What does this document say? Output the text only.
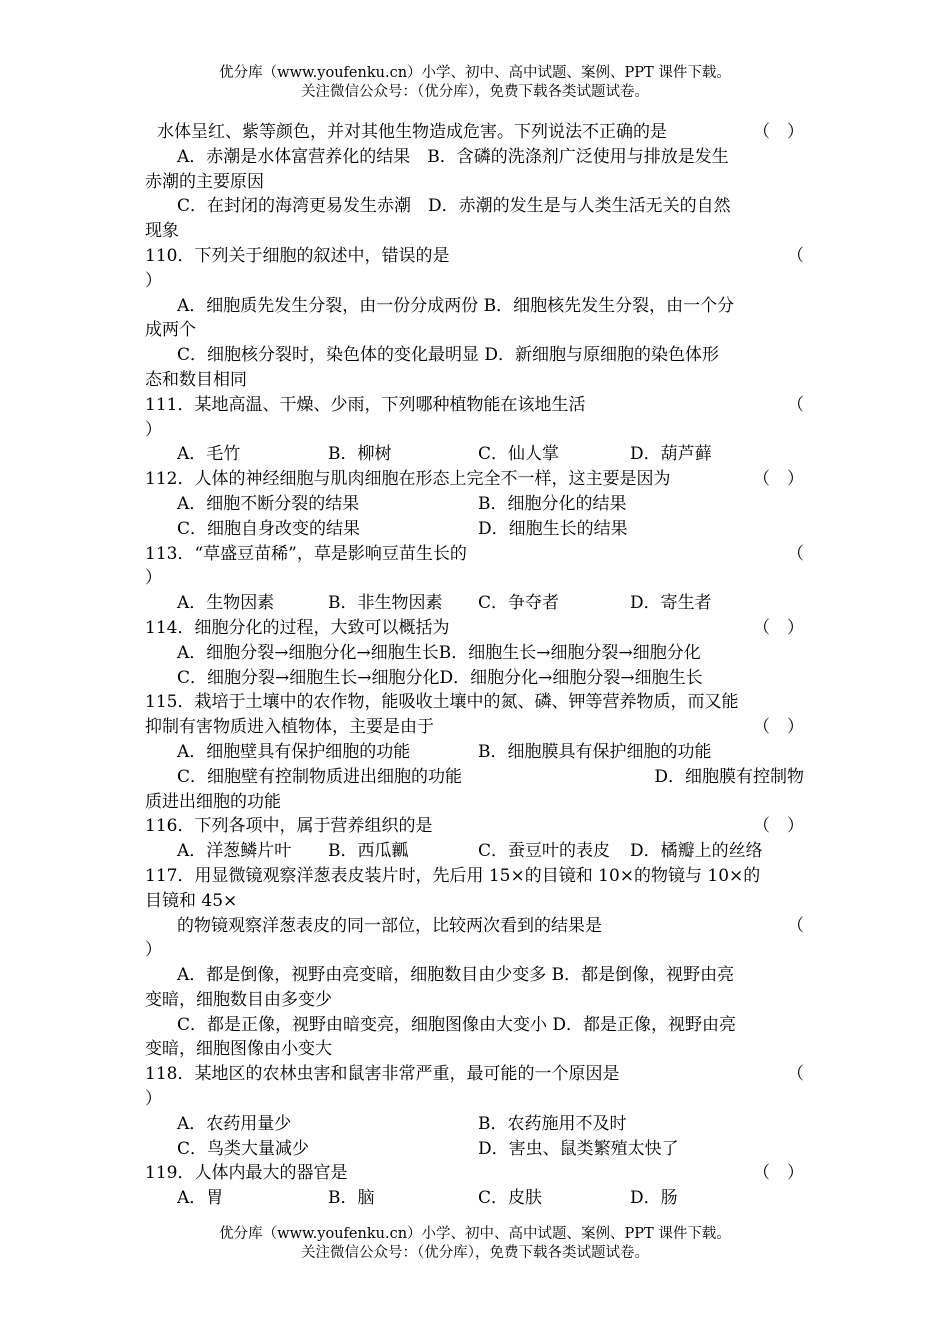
优分库（www.youfenku.cn）小学、初中、高中试题、案例、PPT 课件下载。
关注微信公众号：（优分库），免费下载各类试题试卷。
水体呈红、紫等颜色，并对其他生物造成危害。下列说法不正确的是	（　）
A．赤潮是水体富营养化的结果　B．含磷的洗涤剂广泛使用与排放是发生
赤潮的主要原因
C．在封闭的海湾更易发生赤潮　D．赤潮的发生是与人类生活无关的自然
现象
110．下列关于细胞的叙述中，错误的是	（
）
A．细胞质先发生分裂，由一份分成两份 B．细胞核先发生分裂，由一个分
成两个
C．细胞核分裂时，染色体的变化最明显 D．新细胞与原细胞的染色体形
态和数目相同
111．某地高温、干燥、少雨，下列哪种植物能在该地生活	（
）
A．毛竹	B．柳树	C．仙人掌	D．葫芦藓
112．人体的神经细胞与肌肉细胞在形态上完全不一样，这主要是因为	（　）
A．细胞不断分裂的结果	B．细胞分化的结果
C．细胞自身改变的结果	D．细胞生长的结果
113．“草盛豆苗稀”，草是影响豆苗生长的	（
）
A．生物因素	B．非生物因素 C．争夺者	D．寄生者
114．细胞分化的过程，大致可以概括为	（　）
A．细胞分裂→细胞分化→细胞生长B．细胞生长→细胞分裂→细胞分化
C．细胞分裂→细胞生长→细胞分化D．细胞分化→细胞分裂→细胞生长
115．栽培于土壤中的农作物，能吸收土壤中的氮、磷、钾等营养物质，而又能
抑制有害物质进入植物体，主要是由于	（　）
A．细胞壁具有保护细胞的功能	B．细胞膜具有保护细胞的功能
C．细胞壁有控制物质进出细胞的功能	D．细胞膜有控制物
质进出细胞的功能
116．下列各项中，属于营养组织的是	（　）
A．洋葱鳞片叶 B．西瓜瓤	C．蚕豆叶的表皮 D．橘瓣上的丝络
117．用显微镜观察洋葱表皮装片时，先后用 15×的目镜和 10×的物镜与 10×的
目镜和 45×
的物镜观察洋葱表皮的同一部位，比较两次看到的结果是	（
）
A．都是倒像，视野由亮变暗，细胞数目由少变多 B．都是倒像，视野由亮
变暗，细胞数目由多变少
C．都是正像，视野由暗变亮，细胞图像由大变小 D．都是正像，视野由亮
变暗，细胞图像由小变大
118．某地区的农林虫害和鼠害非常严重，最可能的一个原因是	（
）
A．农药用量少	B．农药施用不及时
C．鸟类大量减少	D．害虫、鼠类繁殖太快了
119．人体内最大的器官是	（　）
A．胃	B．脑	C．皮肤	D．肠
优分库（www.youfenku.cn）小学、初中、高中试题、案例、PPT 课件下载。
关注微信公众号：（优分库），免费下载各类试题试卷。
